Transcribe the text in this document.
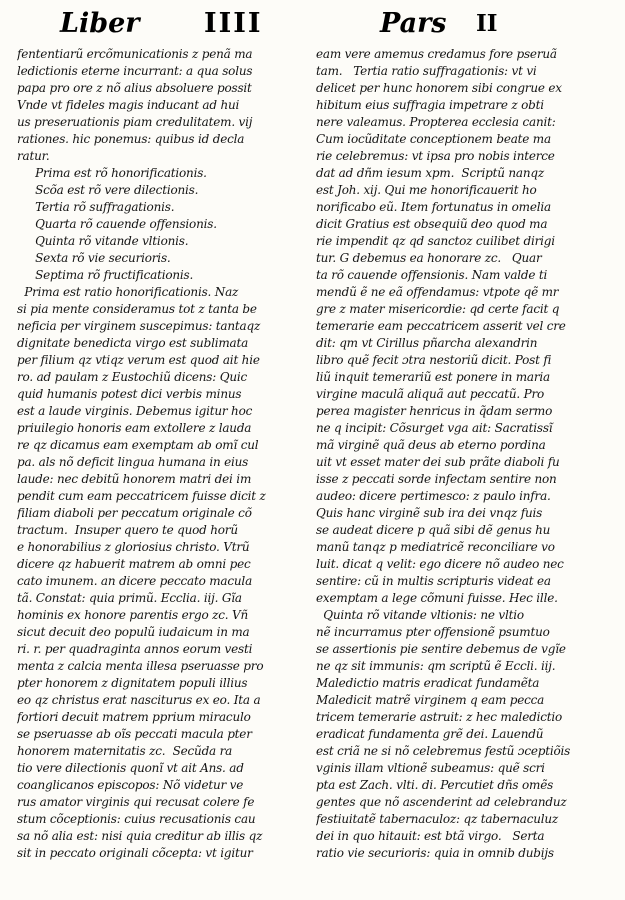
Liber IIII	Pars II
fententiarũ ercõmunicationis z penã ma
ledictionis eterne incurrant: a qua solus
papa pro ore z nõ alius absoluere possit
Vnde vt fideles magis inducant ad hui
us preseruationis piam credulitatem. vij
rationes. hic ponemus: quibus id decla
ratur.
Prima est rõ honorificationis.
Scõa est rõ vere dilectionis.
Tertia rõ suffragationis.
Quarta rõ cauende offensionis.
Quinta rõ vitande vltionis.
Sexta rõ vie securioris.
Septima rõ fructificationis.
Prima est ratio honorificationis. Naz
si pia mente consideramus tot z tanta be
neficia per virginem suscepimus: tantaqz
dignitate benedicta virgo est sublimata
per filium qz vtiqz verum est quod ait hie
ro. ad paulam z Eustochiũ dicens: Quic
quid humanis potest dici verbis minus
est a laude virginis. Debemus igitur hoc
priuilegio honoris eam extollere z lauda
re qz dicamus eam exemptam ab omĩ cul
pa. als nõ deficit lingua humana in eius
laude: nec debitũ honorem matri dei im
pendit cum eam peccatricem fuisse dicit z
filiam diaboli per peccatum originale cõ
tractum.  Insuper quero te quod horũ
e honorabilius z gloriosius christo. Vtrũ
dicere qz habuerit matrem ab omni pec
cato imunem. an dicere peccato macula
tã. Constat: quia primũ. Ecclia. iij. Gĩa
hominis ex honore parentis ergo zc. Vñ
sicut decuit deo populũ iudaicum in ma
ri. r. per quadraginta annos eorum vesti
menta z calcia menta illesa pseruasse pro
pter honorem z dignitatem populi illius
eo qz christus erat nasciturus ex eo. Ita a
fortiori decuit matrem pprium miraculo
se pseruasse ab oĩs peccati macula pter
honorem maternitatis zc.  Secũda ra
tio vere dilectionis quonĩ vt ait Ans. ad
coanglicanos episcopos: Nõ videtur ve
rus amator virginis qui recusat colere fe
stum cõceptionis: cuius recusationis cau
sa nõ alia est: nisi quia creditur ab illis qz
sit in peccato originali cõcepta: vt igitur
eam vere amemus credamus fore pseruã
tam.   Tertia ratio suffragationis: vt vi
delicet per hunc honorem sibi congrue ex
hibitum eius suffragia impetrare z obti
nere valeamus. Propterea ecclesia canit:
Cum iocũditate conceptionem beate ma
rie celebremus: vt ipsa pro nobis interce
dat ad dñm iesum xpm.  Scriptũ nanqz
est Joh. xij. Qui me honorificauerit ho
norificabo eũ. Item fortunatus in omelia
dicit Gratius est obsequiũ deo quod ma
rie impendit qz qd sanctoz cuilibet dirigi
tur. G debemus ea honorare zc.   Quar
ta rõ cauende offensionis. Nam valde ti
mendũ ẽ ne eã offendamus: vtpote qẽ mr
gre z mater misericordie: qd certe facit q
temerarie eam peccatricem asserit vel cre
dit: qm vt Cirillus pñarcha alexandrin
libro quẽ fecit ɔtra nestoriũ dicit. Post fi
liũ inquit temerariũ est ponere in maria
virgine maculã aliquã aut peccatũ. Pro
perea magister henricus in q̃dam sermo
ne q incipit: Cõsurget vga ait: Sacratissĩ
mã virginẽ quã deus ab eterno pordina
uit vt esset mater dei sub prãte diaboli fu
isse z peccati sorde infectam sentire non
audeo: dicere pertimesco: z paulo infra.
Quis hanc virginẽ sub ira dei vnqz fuis
se audeat dicere p quã sibi dẽ genus hu
manũ tanqz p mediatricẽ reconciliare vo
luit. dicat q velit: ego dicere nõ audeo nec
sentire: cũ in multis scripturis videat ea
exemptam a lege cõmuni fuisse. Hec ille.
Quinta rõ vitande vltionis: ne vltio
nẽ incurramus pter offensionẽ psumtuo
se assertionis pie sentire debemus de vgĩe
ne qz sit immunis: qm scriptũ ẽ Eccli. iij.
Maledictio matris eradicat fundamẽta
Maledicit matrẽ virginem q eam pecca
tricem temerarie astruit: z hec maledictio
eradicat fundamenta grẽ dei. Lauendũ
est criã ne si nõ celebremus festũ ɔceptiõis
vginis illam vltionẽ subeamus: quẽ scri
pta est Zach. vlti. di. Percutiet dñs omẽs
gentes que nõ ascenderint ad celebranduz
festiuitatẽ tabernaculoz: qz tabernaculuz
dei in quo hitauit: est btã virgo.   Serta
ratio vie securioris: quia in omnib dubijs
